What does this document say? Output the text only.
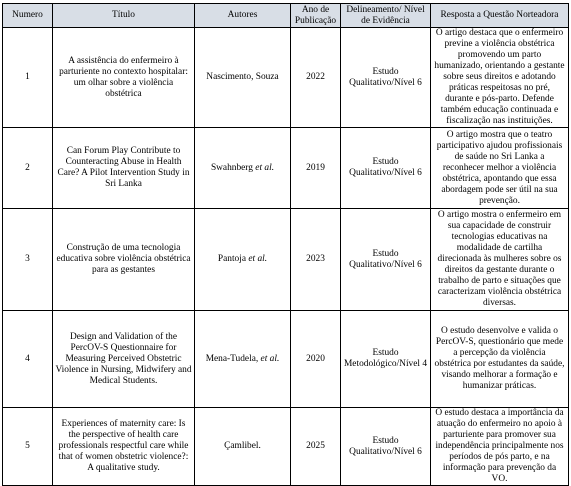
Numero	Título	Autores	Ano de Publicação	Delineamento/ Nível de Evidência	Resposta a Questão Norteadora
1	A assistência do enfermeiro à parturiente no contexto hospitalar: um olhar sobre a violência obstétrica	Nascimento, Souza	2022	Estudo Qualitativo/Nível 6	O artigo destaca que o enfermeiro previne a violência obstétrica promovendo um parto humanizado, orientando a gestante sobre seus direitos e adotando práticas respeitosas no pré, durante e pós-parto. Defende também educação continuada e fiscalização nas instituições.
2	Can Forum Play Contribute to Counteracting Abuse in Health Care? A Pilot Intervention Study in Sri Lanka	Swahnberg et al.	2019	Estudo Qualitativo/Nível 6	O artigo mostra que o teatro participativo ajudou profissionais de saúde no Sri Lanka a reconhecer melhor a violência obstétrica, apontando que essa abordagem pode ser útil na sua prevenção.
3	Construção de uma tecnologia educativa sobre violência obstétrica para as gestantes	Pantoja et al.	2023	Estudo Qualitativo/Nível 6	O artigo mostra o enfermeiro em sua capacidade de construir tecnologias educativas na modalidade de cartilha direcionada às mulheres sobre os direitos da gestante durante o trabalho de parto e situações que caracterizam violência obstétrica diversas.
4	Design and Validation of the PercOV-S Questionnaire for Measuring Perceived Obstetric Violence in Nursing, Midwifery and Medical Students.	Mena-Tudela, et al.	2020	Estudo Metodológico/Nível 4	O estudo desenvolve e valida o PercOV-S, questionário que mede a percepção da violência obstétrica por estudantes da saúde, visando melhorar a formação e humanizar práticas.
5	Experiences of maternity care: Is the perspective of health care professionals respectful care while that of women obstetric violence?: A qualitative study.	Çamlibel.	2025	Estudo Qualitativo/Nível 6	O estudo destaca a importância da atuação do enfermeiro no apoio à parturiente para promover sua independência principalmente nos períodos de pós parto, e na informação para prevenção da VO.
